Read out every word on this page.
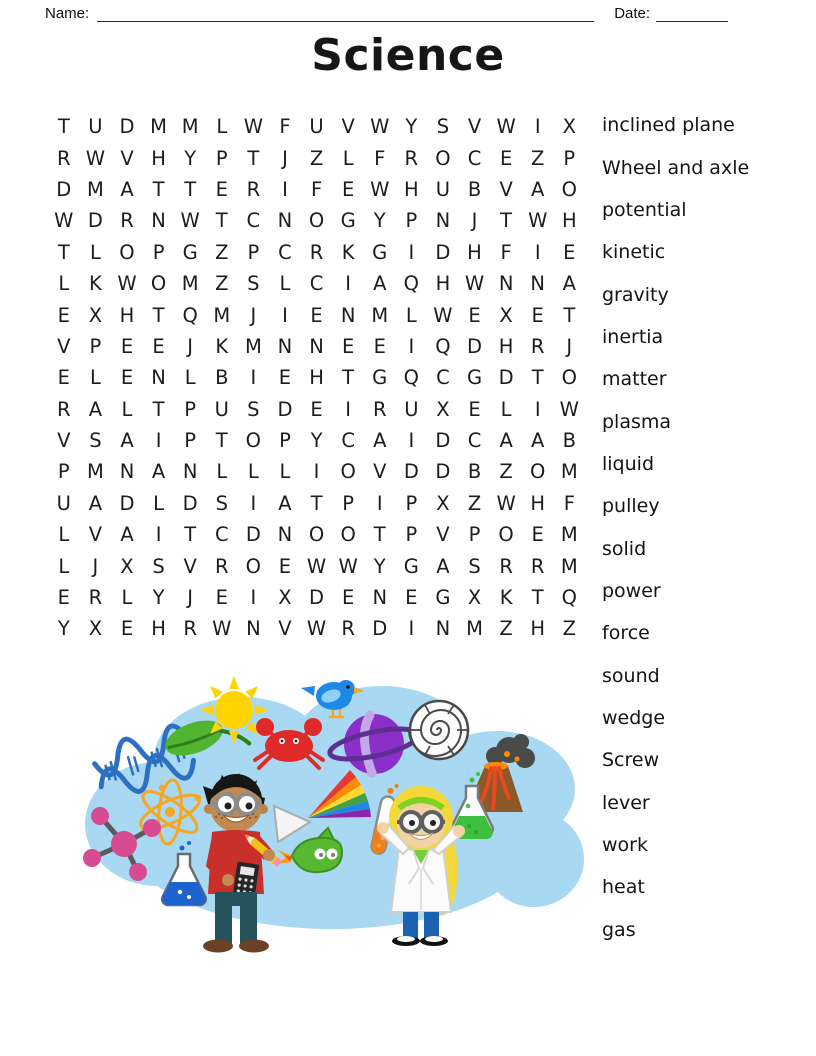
Name:	Date:
Science
T U D M M L W F U V W Y S V W I	X
R W V H Y	P	T	J	Z L	F R O C E Z P
D M A T	T E R	I	F	E W H U B V A O
W D R N W T C N O G Y	P N	J	T W H
T	L O P G Z P C R K G	I	D H F	I	E
L	K W O M Z S	L C	I	A Q H W N N A
E X H T Q M	J	I	E N M L W E X E T
V P	E E	J	K M N N E E	I	Q D H R	J
E	L	E N L B	I	E H T G Q C G D T O
R A L	T	P U S D E	I	R U X E	L	I W
V S A	I	P	T O P	Y C A	I	D C A A B
P M N A N L	L	L	I	O V D D B Z O M
U A D L D S	I	A T	P	I	P X Z W H F
L V A	I	T C D N O O T	P V P O E M
L	J	X S V R O E W W Y G A S R R M
E R L	Y	J	E	I	X D E N E G X K T Q
Y X E H R W N V W R D	I	N M Z H Z
inclined plane
Wheel and axle
potential
kinetic
gravity
inertia
matter
plasma
liquid
pulley
solid
power
force
sound
wedge
Screw
lever
work
heat
gas
